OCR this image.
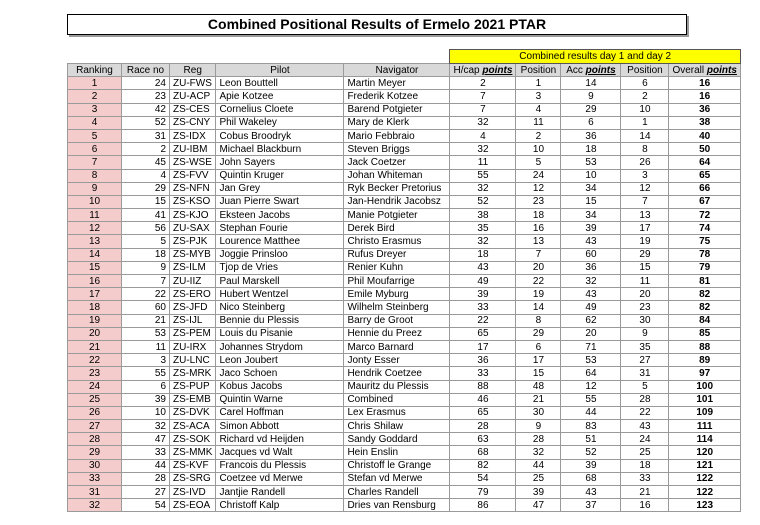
Combined Positional Results of Ermelo 2021 PTAR
					Combined results day 1 and day 2				
Ranking	Race no	Reg	Pilot	Navigator	H/cap points	Position	Acc points	Position	Overall points
1	24	ZU-FWS	Leon Bouttell	Martin Meyer	2	1	14	6	16
2	23	ZU-ACP	Apie Kotzee	Frederik Kotzee	7	3	9	2	16
3	42	ZS-CES	Cornelius Cloete	Barend Potgieter	7	4	29	10	36
4	52	ZS-CNY	Phil Wakeley	Mary de Klerk	32	11	6	1	38
5	31	ZS-IDX	Cobus Broodryk	Mario Febbraio	4	2	36	14	40
6	2	ZU-IBM	Michael Blackburn	Steven Briggs	32	10	18	8	50
7	45	ZS-WSE	John Sayers	Jack Coetzer	11	5	53	26	64
8	4	ZS-FVV	Quintin Kruger	Johan Whiteman	55	24	10	3	65
9	29	ZS-NFN	Jan Grey	Ryk Becker Pretorius	32	12	34	12	66
10	15	ZS-KSO	Juan Pierre Swart	Jan-Hendrik Jacobsz	52	23	15	7	67
11	41	ZS-KJO	Eksteen Jacobs	Manie Potgieter	38	18	34	13	72
12	56	ZU-SAX	Stephan Fourie	Derek Bird	35	16	39	17	74
13	5	ZS-PJK	Lourence Matthee	Christo Erasmus	32	13	43	19	75
14	18	ZS-MYB	Joggie Prinsloo	Rufus Dreyer	18	7	60	29	78
15	9	ZS-ILM	Tjop de Vries	Renier Kuhn	43	20	36	15	79
16	7	ZU-IIZ	Paul Marskell	Phil Moufarrige	49	22	32	11	81
17	22	ZS-ERO	Hubert Wentzel	Emile Myburg	39	19	43	20	82
18	60	ZS-JFD	Nico Steinberg	Wilhelm Steinberg	33	14	49	23	82
19	21	ZS-IJL	Bennie du Plessis	Barry de Groot	22	8	62	30	84
20	53	ZS-PEM	Louis du Pisanie	Hennie du Preez	65	29	20	9	85
21	11	ZU-IRX	Johannes Strydom	Marco Barnard	17	6	71	35	88
22	3	ZU-LNC	Leon Joubert	Jonty Esser	36	17	53	27	89
23	55	ZS-MRK	Jaco Schoen	Hendrik Coetzee	33	15	64	31	97
24	6	ZS-PUP	Kobus Jacobs	Mauritz du Plessis	88	48	12	5	100
25	39	ZS-EMB	Quintin Warne	Combined	46	21	55	28	101
26	10	ZS-DVK	Carel Hoffman	Lex Erasmus	65	30	44	22	109
27	32	ZS-ACA	Simon Abbott	Chris Shilaw	28	9	83	43	111
28	47	ZS-SOK	Richard vd Heijden	Sandy Goddard	63	28	51	24	114
29	33	ZS-MMK	Jacques vd Walt	Hein Enslin	68	32	52	25	120
30	44	ZS-KVF	Francois du Plessis	Christoff le Grange	82	44	39	18	121
33	28	ZS-SRG	Coetzee vd Merwe	Stefan vd Merwe	54	25	68	33	122
31	27	ZS-IVD	Jantjie Randell	Charles Randell	79	39	43	21	122
32	54	ZS-EOA	Christoff Kalp	Dries van Rensburg	86	47	37	16	123
